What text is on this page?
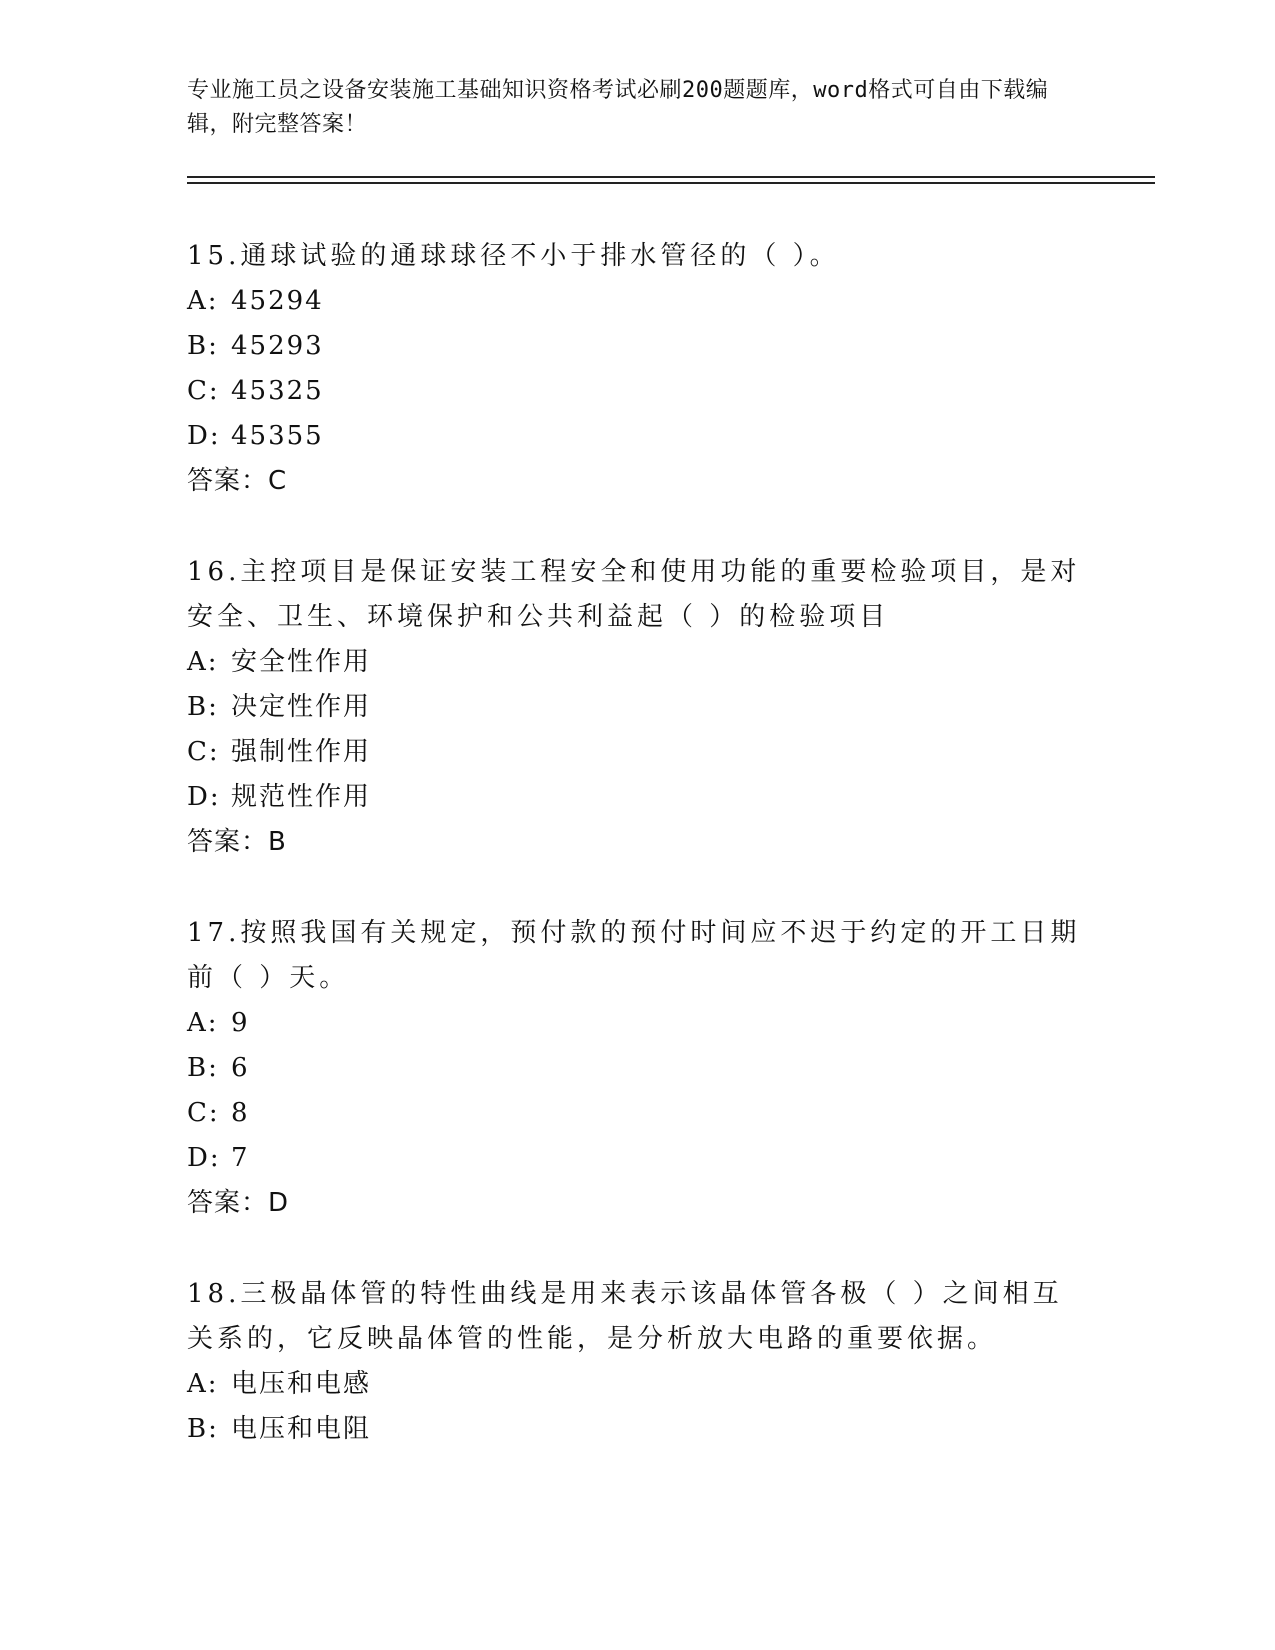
专业施工员之设备安装施工基础知识资格考试必刷200题题库，word格式可自由下载编辑，附完整答案！
15.通球试验的通球球径不小于排水管径的（ ）。
A: 45294
B: 45293
C: 45325
D: 45355
答案：C
16.主控项目是保证安装工程安全和使用功能的重要检验项目，是对安全、卫生、环境保护和公共利益起（ ）的检验项目
A: 安全性作用
B: 决定性作用
C: 强制性作用
D: 规范性作用
答案：B
17.按照我国有关规定，预付款的预付时间应不迟于约定的开工日期前（ ）天。
A: 9
B: 6
C: 8
D: 7
答案：D
18.三极晶体管的特性曲线是用来表示该晶体管各极（ ）之间相互关系的，它反映晶体管的性能，是分析放大电路的重要依据。
A: 电压和电感
B: 电压和电阻
